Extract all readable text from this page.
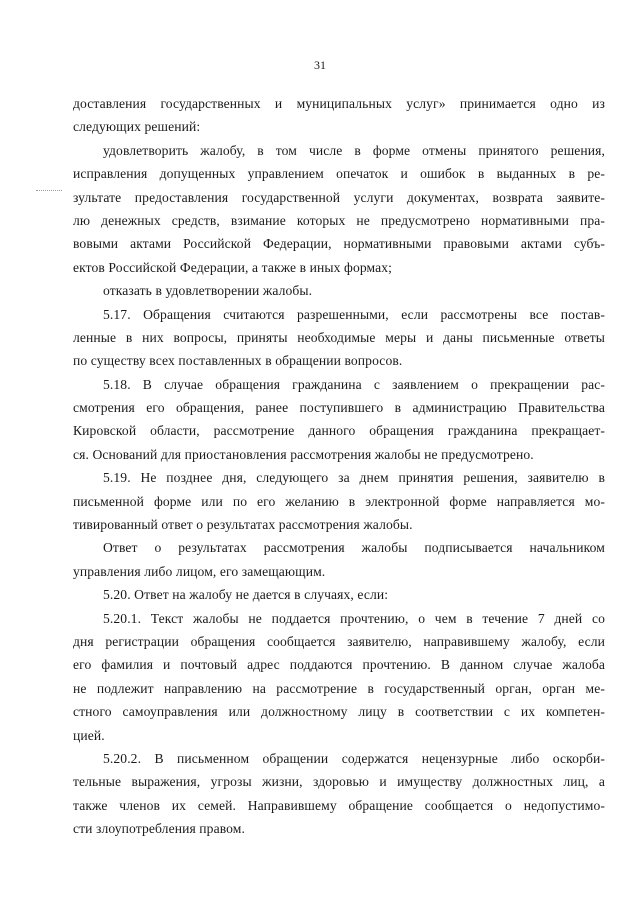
31
доставления государственных и муниципальных услуг» принимается одно из
следующих решений:
удовлетворить жалобу, в том числе в форме отмены принятого решения,
исправления допущенных управлением опечаток и ошибок в выданных в ре-
зультате предоставления государственной услуги документах, возврата заявите-
лю денежных средств, взимание которых не предусмотрено нормативными пра-
вовыми актами Российской Федерации, нормативными правовыми актами субъ-
ектов Российской Федерации, а также в иных формах;
отказать в удовлетворении жалобы.
5.17. Обращения считаются разрешенными, если рассмотрены все постав-
ленные в них вопросы, приняты необходимые меры и даны письменные ответы
по существу всех поставленных в обращении вопросов.
5.18. В случае обращения гражданина с заявлением о прекращении рас-
смотрения его обращения, ранее поступившего в администрацию Правительства
Кировской области, рассмотрение данного обращения гражданина прекращает-
ся. Оснований для приостановления рассмотрения жалобы не предусмотрено.
5.19. Не позднее дня, следующего за днем принятия решения, заявителю в
письменной форме или по его желанию в электронной форме направляется мо-
тивированный ответ о результатах рассмотрения жалобы.
Ответ о результатах рассмотрения жалобы подписывается начальником
управления либо лицом, его замещающим.
5.20. Ответ на жалобу не дается в случаях, если:
5.20.1. Текст жалобы не поддается прочтению, о чем в течение 7 дней со
дня регистрации обращения сообщается заявителю, направившему жалобу, если
его фамилия и почтовый адрес поддаются прочтению. В данном случае жалоба
не подлежит направлению на рассмотрение в государственный орган, орган ме-
стного самоуправления или должностному лицу в соответствии с их компетен-
цией.
5.20.2. В письменном обращении содержатся нецензурные либо оскорби-
тельные выражения, угрозы жизни, здоровью и имуществу должностных лиц, а
также членов их семей. Направившему обращение сообщается о недопустимо-
сти злоупотребления правом.
